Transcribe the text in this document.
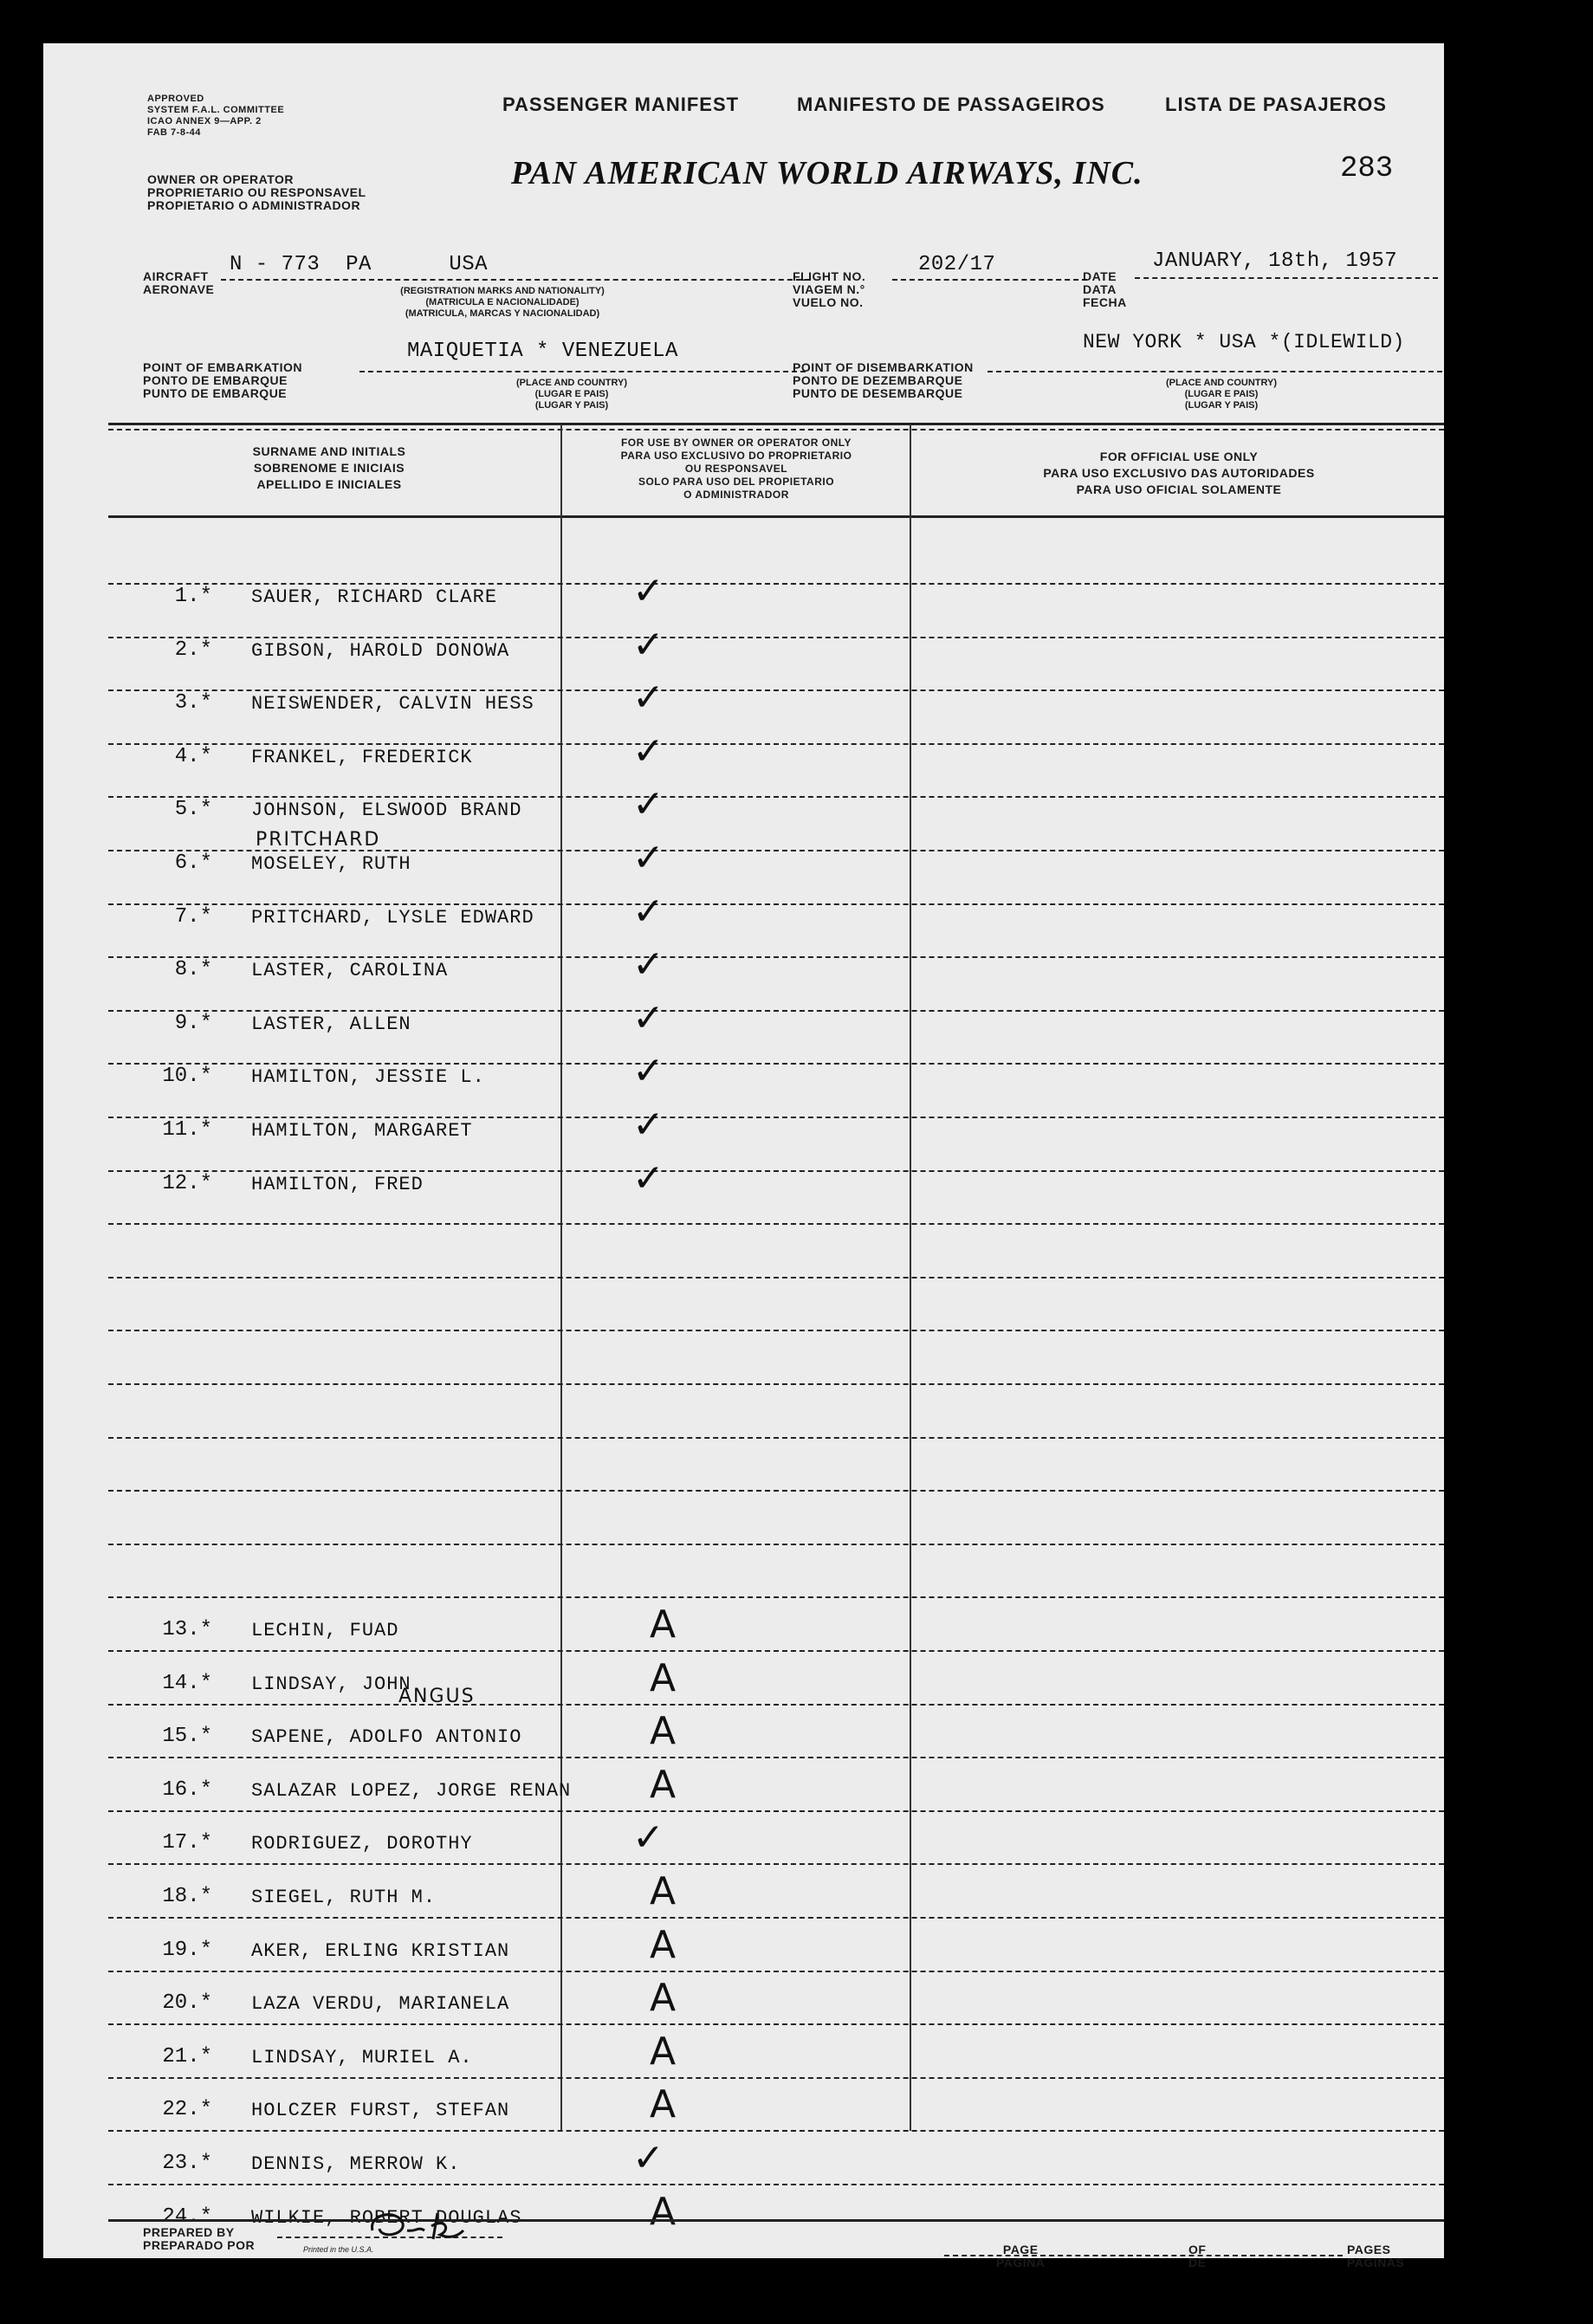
APPROVED
SYSTEM F.A.L. COMMITTEE
ICAO ANNEX 9—APP. 2
FAB 7-8-44
OWNER OR OPERATOR
PROPRIETARIO OU RESPONSAVEL
PROPIETARIO O ADMINISTRADOR
PASSENGER MANIFEST	MANIFESTO DE PASSAGEIROS	LISTA DE PASAJEROS
PAN AMERICAN WORLD AIRWAYS, INC.	283
AIRCRAFT
AERONAVE
N - 773  PA      USA
(REGISTRATION MARKS AND NATIONALITY)
(MATRICULA E NACIONALIDADE)
(MATRICULA, MARCAS Y NACIONALIDAD)
FLIGHT NO.
VIAGEM N.°
VUELO NO.
202/17	DATE
DATA
FECHA
JANUARY, 18th, 1957
POINT OF EMBARKATION
PONTO DE EMBARQUE
PUNTO DE EMBARQUE
MAIQUETIA * VENEZUELA
(PLACE AND COUNTRY)
(LUGAR E PAIS)
(LUGAR Y PAIS)
POINT OF DISEMBARKATION
PONTO DE DEZEMBARQUE
PUNTO DE DESEMBARQUE
NEW YORK * USA *(IDLEWILD)
(PLACE AND COUNTRY)
(LUGAR E PAIS)
(LUGAR Y PAIS)
SURNAME AND INITIALS
SOBRENOME E INICIAIS
APELLIDO E INICIALES
FOR USE BY OWNER OR OPERATOR ONLY
PARA USO EXCLUSIVO DO PROPRIETARIO
OU RESPONSAVEL
SOLO PARA USO DEL PROPIETARIO
O ADMINISTRADOR
FOR OFFICIAL USE ONLY
PARA USO EXCLUSIVO DAS AUTORIDADES
PARA USO OFICIAL SOLAMENTE
1.* SAUER, RICHARD CLARE	✓
2.* GIBSON, HAROLD DONOWA	✓
3.* NEISWENDER, CALVIN HESS	✓
4.* FRANKEL, FREDERICK	✓
5.* JOHNSON, ELSWOOD BRAND	✓
6.* MOSELEY, RUTH
PRITCHARD	✓
7.* PRITCHARD, LYSLE EDWARD	✓
8.* LASTER, CAROLINA	✓
9.* LASTER, ALLEN	✓
10.* HAMILTON, JESSIE L.	✓
11.* HAMILTON, MARGARET	✓
12.* HAMILTON, FRED	✓
13.* LECHIN, FUAD	A
14.* LINDSAY, JOHN
ANGUS	A
15.* SAPENE, ADOLFO ANTONIO	A
16.* SALAZAR LOPEZ, JORGE RENAN A
17.* RODRIGUEZ, DOROTHY	✓
18.* SIEGEL, RUTH M.	A
19.* AKER, ERLING KRISTIAN	A
20.* LAZA VERDU, MARIANELA	A
21.* LINDSAY, MURIEL A.	A
22.* HOLCZER FURST, STEFAN	A
23.* DENNIS, MERROW K.	✓
24.* WILKIE, ROBERT DOUGLAS	A
PREPARED BY
PREPARADO POR	Printed in the U.S.A.	PAGE
PAGINA
OF
DE
PAGES
PAGINAS
